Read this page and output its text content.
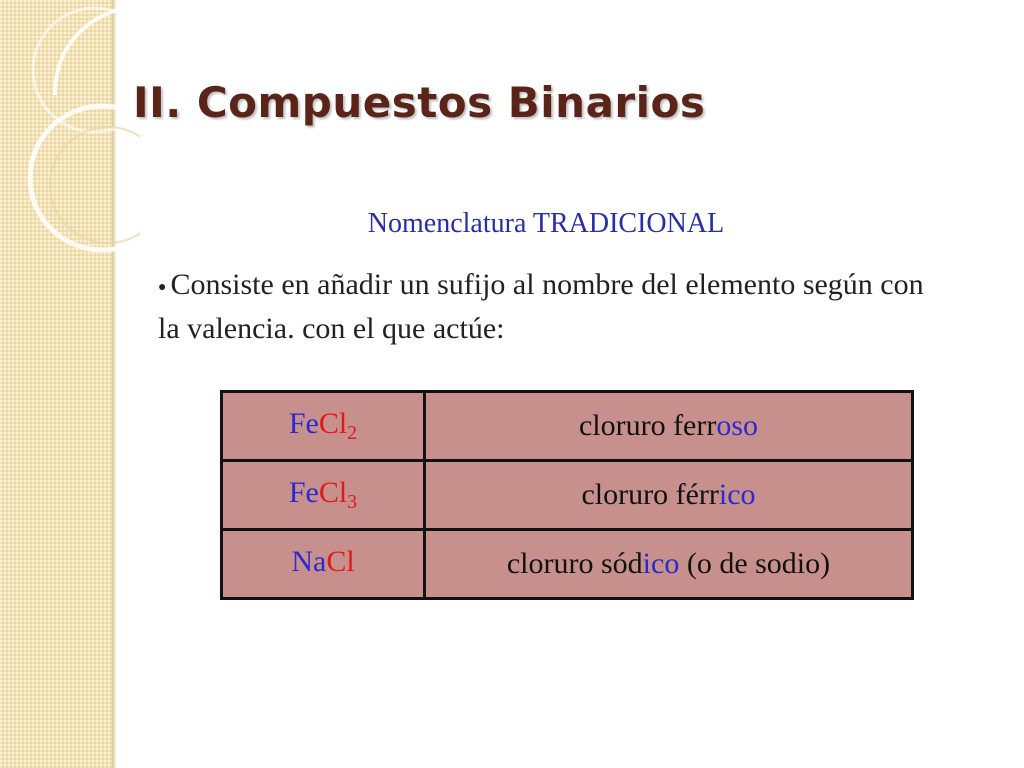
II. Compuestos Binarios
Nomenclatura TRADICIONAL
● Consiste en añadir un sufijo al nombre del elemento según con la valencia. con el que actúe:
FeCl$_2$	cloruro ferroso
FeCl$_3$	cloruro férrico
NaCl	cloruro sódico (o de sodio)
